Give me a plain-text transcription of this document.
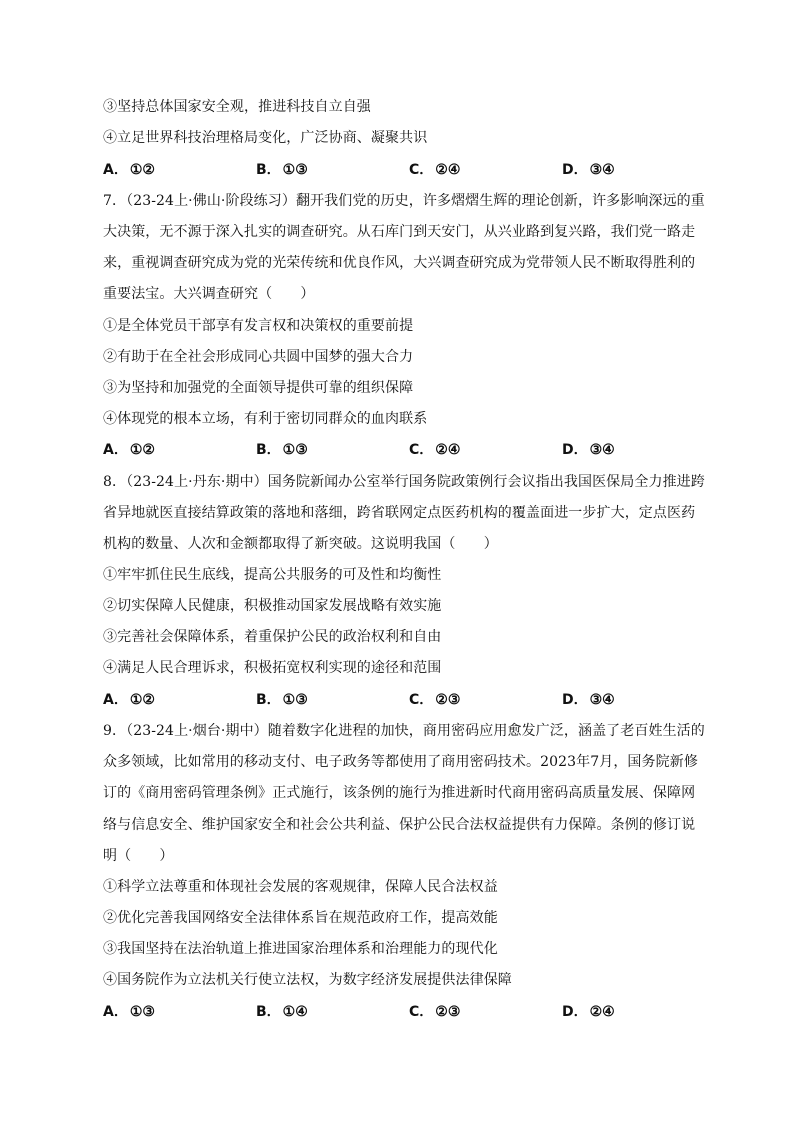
③坚持总体国家安全观，推进科技自立自强
④立足世界科技治理格局变化，广泛协商、凝聚共识
A． ①②	B． ①③	C． ②④	D． ③④
7．（23-24上·佛山·阶段练习）翻开我们党的历史，许多熠熠生辉的理论创新，许多影响深远的重
大决策，无不源于深入扎实的调查研究。从石库门到天安门，从兴业路到复兴路，我们党一路走
来，重视调查研究成为党的光荣传统和优良作风，大兴调查研究成为党带领人民不断取得胜利的
重要法宝。大兴调查研究（　　）
①是全体党员干部享有发言权和决策权的重要前提
②有助于在全社会形成同心共圆中国梦的强大合力
③为坚持和加强党的全面领导提供可靠的组织保障
④体现党的根本立场，有利于密切同群众的血肉联系
A． ①②	B． ①③	C． ②④	D． ③④
8．（23-24上·丹东·期中）国务院新闻办公室举行国务院政策例行会议指出我国医保局全力推进跨
省异地就医直接结算政策的落地和落细，跨省联网定点医药机构的覆盖面进一步扩大，定点医药
机构的数量、人次和金额都取得了新突破。这说明我国（　　）
①牢牢抓住民生底线，提高公共服务的可及性和均衡性
②切实保障人民健康，积极推动国家发展战略有效实施
③完善社会保障体系，着重保护公民的政治权利和自由
④满足人民合理诉求，积极拓宽权利实现的途径和范围
A． ①②	B． ①③	C． ②③	D． ③④
9．（23-24上·烟台·期中）随着数字化进程的加快，商用密码应用愈发广泛，涵盖了老百姓生活的
众多领域，比如常用的移动支付、电子政务等都使用了商用密码技术。2023年7月，国务院新修
订的《商用密码管理条例》正式施行，该条例的施行为推进新时代商用密码高质量发展、保障网
络与信息安全、维护国家安全和社会公共利益、保护公民合法权益提供有力保障。条例的修订说
明（　　）
①科学立法尊重和体现社会发展的客观规律，保障人民合法权益
②优化完善我国网络安全法律体系旨在规范政府工作，提高效能
③我国坚持在法治轨道上推进国家治理体系和治理能力的现代化
④国务院作为立法机关行使立法权，为数字经济发展提供法律保障
A． ①③	B． ①④	C． ②③	D． ②④
